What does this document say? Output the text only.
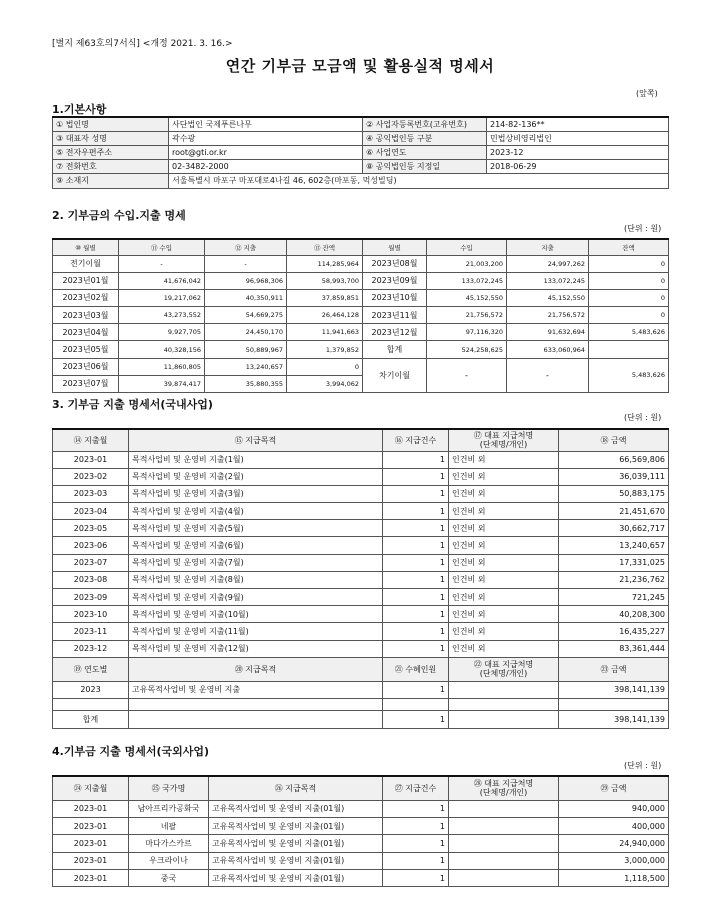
[별지 제63호의7서식] <개정 2021. 3. 16.>
연간 기부금 모금액 및 활용실적 명세서
(앞쪽)
1.기본사항
① 법인명	사단법인 국제푸른나무	② 사업자등록번호(고유번호)	214-82-136**
③ 대표자 성명	곽수광	④ 공익법인등 구분	민법상비영리법인
⑤ 전자우편주소	root@gti.or.kr	⑥ 사업연도	2023-12
⑦ 전화번호	02-3482-2000	⑧ 공익법인등 지정일	2018-06-29
⑨ 소재지	서울특별시 마포구 마포대로4나길 46, 602층(마포동, 먹성빌딩)		
2. 기부금의 수입.지출 명세
(단위 : 원)
⑩ 월별	⑪ 수입	⑫ 지출	⑬ 잔액	월별	수입	지출	잔액
전기이월	-	-	114,285,964	2023년08월	21,003,200	24,997,262	0
2023년01월	41,676,042	96,968,306	58,993,700	2023년09월	133,072,245	133,072,245	0
2023년02월	19,217,062	40,350,911	37,859,851	2023년10월	45,152,550	45,152,550	0
2023년03월	43,273,552	54,669,275	26,464,128	2023년11월	21,756,572	21,756,572	0
2023년04월	9,927,705	24,450,170	11,941,663	2023년12월	97,116,320	91,632,694	5,483,626
2023년05월	40,328,156	50,889,967	1,379,852	합계	524,258,625	633,060,964	
2023년06월	11,860,805	13,240,657	0	차기이월	-	-	5,483,626
2023년07월	39,874,417	35,880,355	3,994,062				
3. 기부금 지출 명세서(국내사업)
(단위 : 원)
⑭ 지출월	⑮ 지급목적	⑯ 지급건수	⑰ 대표 지급처명
(단체명/개인)	⑱ 금액
2023-01	목적사업비 및 운영비 지출(1월)	1	인건비 외	66,569,806
2023-02	목적사업비 및 운영비 지출(2월)	1	인건비 외	36,039,111
2023-03	목적사업비 및 운영비 지출(3월)	1	인건비 외	50,883,175
2023-04	목적사업비 및 운영비 지출(4월)	1	인건비 외	21,451,670
2023-05	목적사업비 및 운영비 지출(5월)	1	인건비 외	30,662,717
2023-06	목적사업비 및 운영비 지출(6월)	1	인건비 외	13,240,657
2023-07	목적사업비 및 운영비 지출(7월)	1	인건비 외	17,331,025
2023-08	목적사업비 및 운영비 지출(8월)	1	인건비 외	21,236,762
2023-09	목적사업비 및 운영비 지출(9월)	1	인건비 외	721,245
2023-10	목적사업비 및 운영비 지출(10월)	1	인건비 외	40,208,300
2023-11	목적사업비 및 운영비 지출(11월)	1	인건비 외	16,435,227
2023-12	목적사업비 및 운영비 지출(12월)	1	인건비 외	83,361,444
⑲ 연도별	⑳ 지급목적	㉑ 수혜인원	㉒ 대표 지급처명
(단체명/개인)	㉓ 금액
2023	고유목적사업비 및 운영비 지출	1		398,141,139

합계		1		398,141,139
4.기부금 지출 명세서(국외사업)
(단위 : 원)
㉔ 지출월	㉕ 국가명	㉖ 지급목적	㉗ 지급건수	㉘ 대표 지급처명
(단체명/개인)	㉙ 금액
2023-01	남아프리카공화국	고유목적사업비 및 운영비 지출(01월)	1		940,000
2023-01	네팔	고유목적사업비 및 운영비 지출(01월)	1		400,000
2023-01	마다가스카르	고유목적사업비 및 운영비 지출(01월)	1		24,940,000
2023-01	우크라이나	고유목적사업비 및 운영비 지출(01월)	1		3,000,000
2023-01	중국	고유목적사업비 및 운영비 지출(01월)	1		1,118,500
